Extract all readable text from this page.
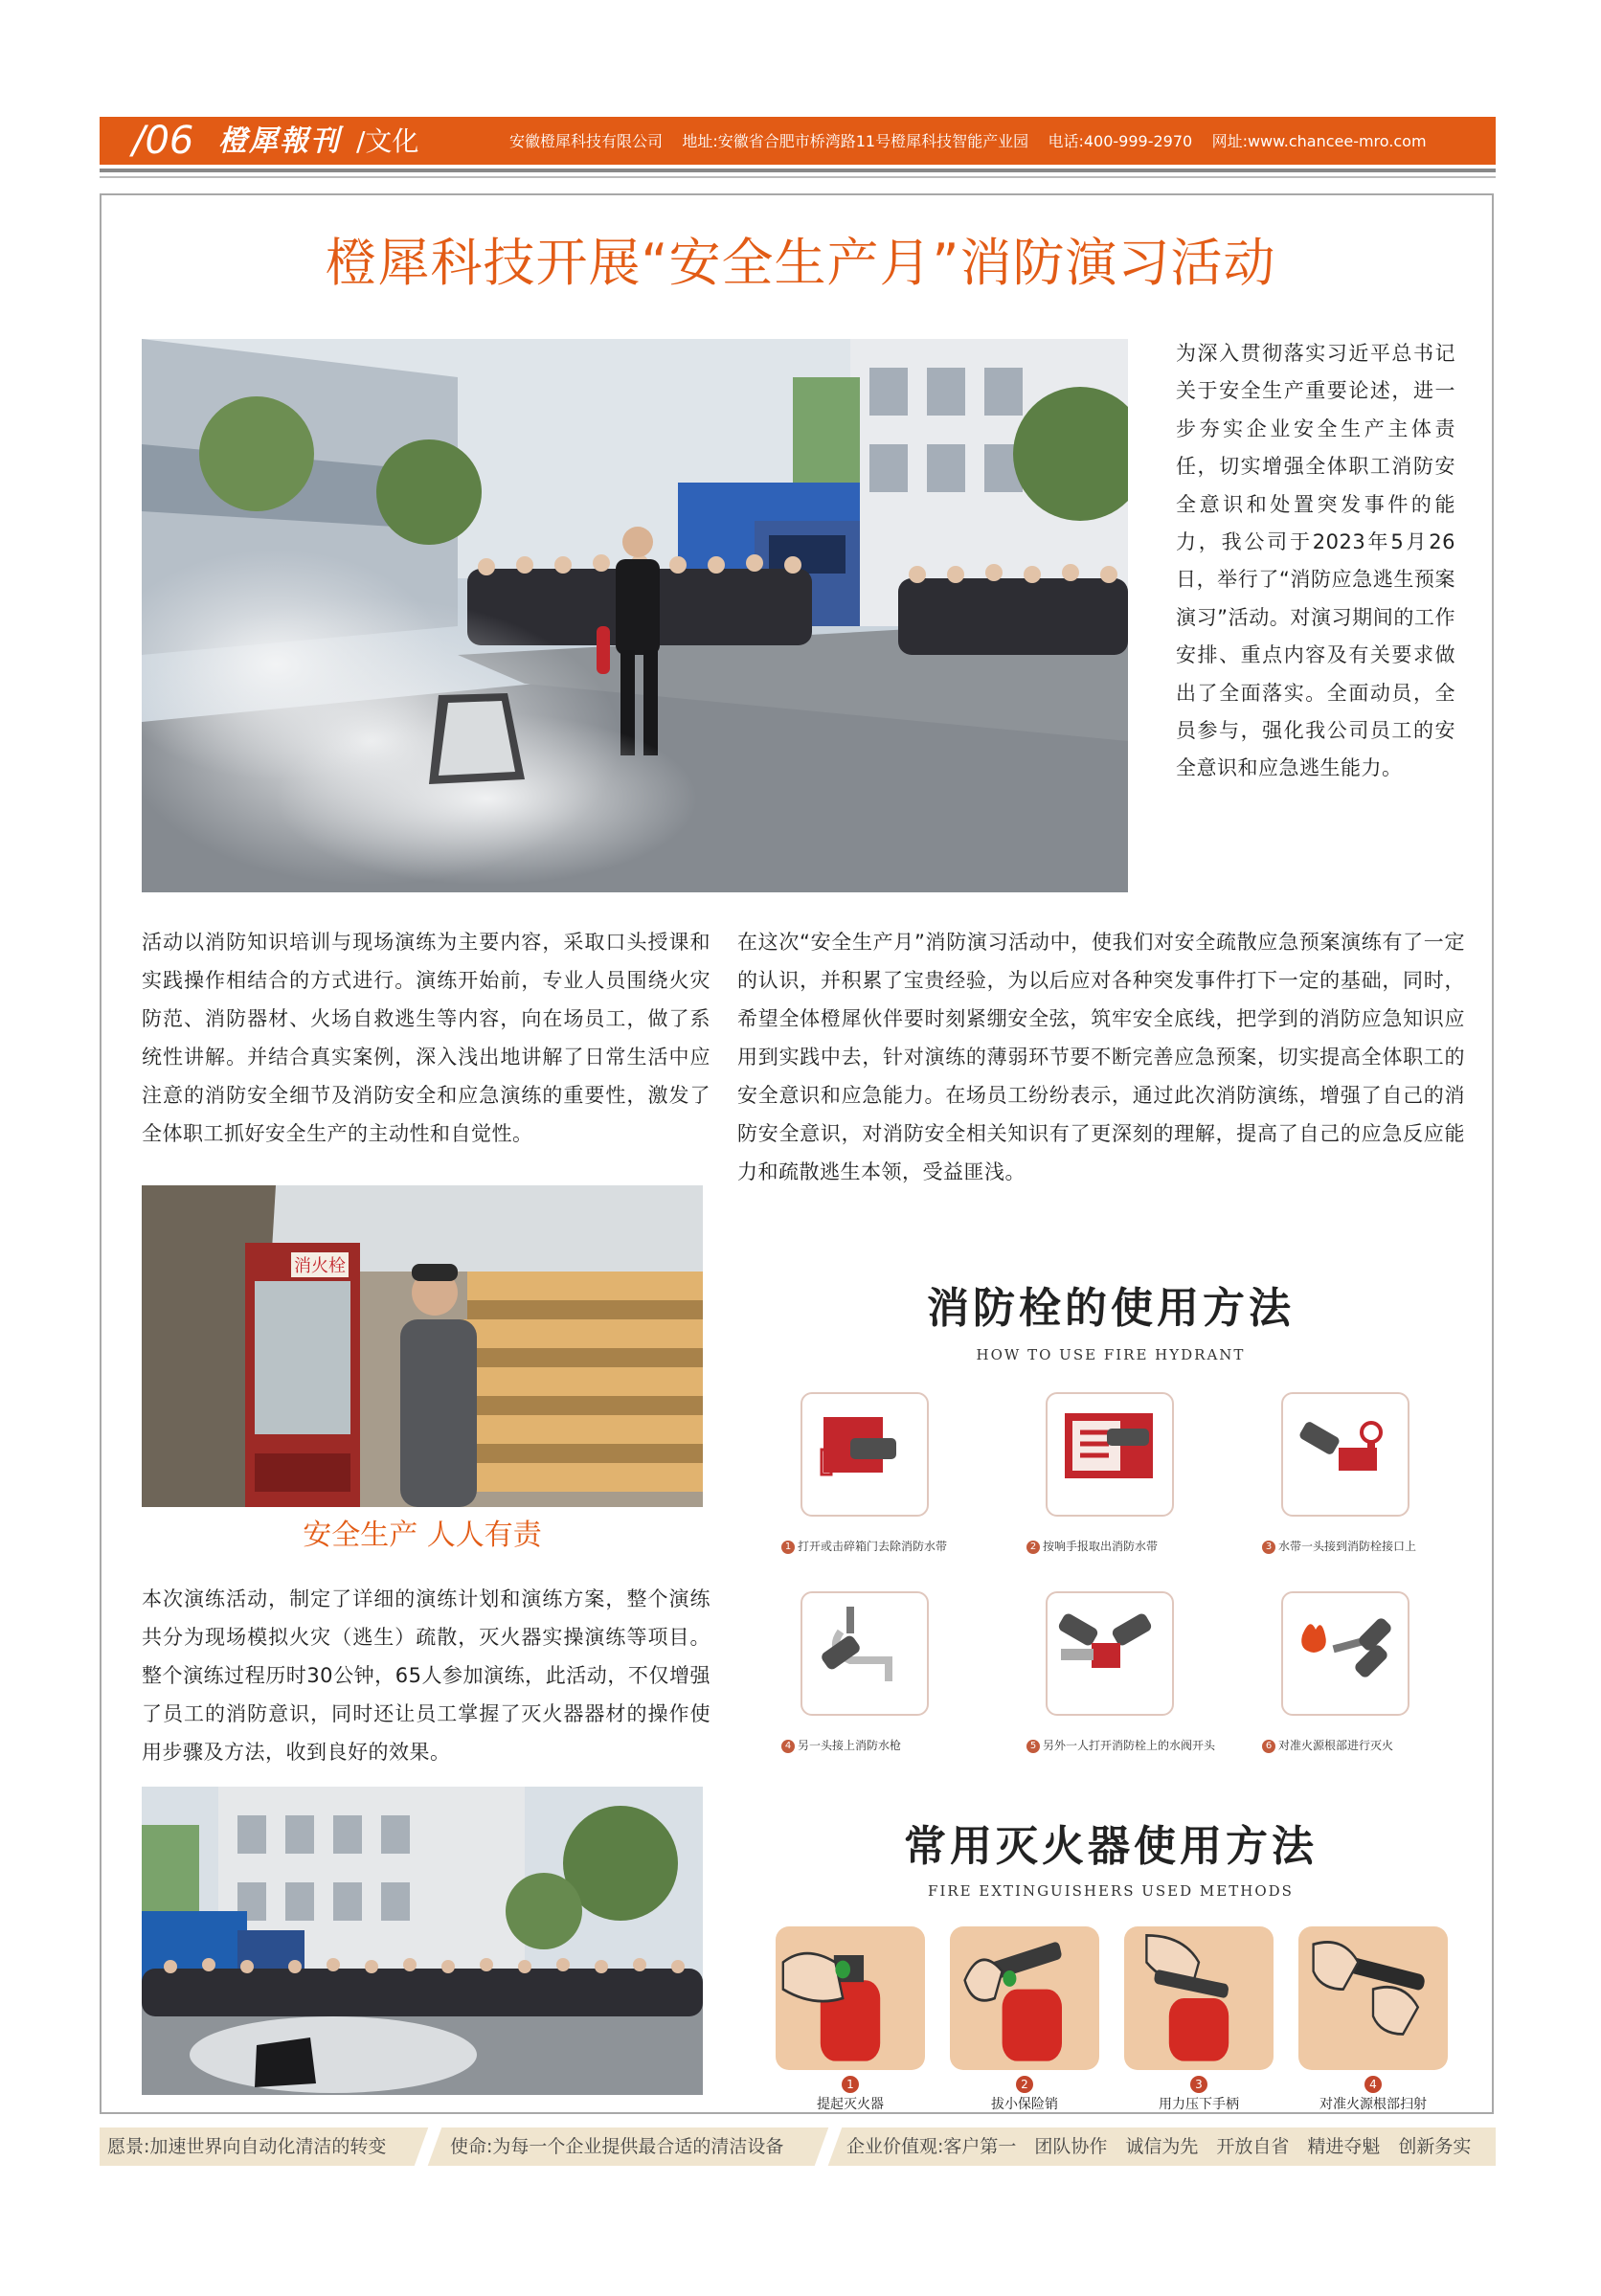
/06 橙犀報刊 /文化	安徽橙犀科技有限公司 地址:安徽省合肥市桥湾路11号橙犀科技智能产业园 电话:400-999-2970 网址:www.chancee-mro.com
橙犀科技开展“安全生产月”消防演习活动
为深入贯彻落实习近平总书记关于安全生产重要论述，进一步夯实企业安全生产主体责任，切实增强全体职工消防安全意识和处置突发事件的能力，我公司于2023年5月26日，举行了“消防应急逃生预案演习”活动。对演习期间的工作安排、重点内容及有关要求做出了全面落实。全面动员，全员参与，强化我公司员工的安全意识和应急逃生能力。
活动以消防知识培训与现场演练为主要内容，采取口头授课和实践操作相结合的方式进行。演练开始前，专业人员围绕火灾防范、消防器材、火场自救逃生等内容，向在场员工，做了系统性讲解。并结合真实案例，深入浅出地讲解了日常生活中应注意的消防安全细节及消防安全和应急演练的重要性，激发了全体职工抓好安全生产的主动性和自觉性。
在这次“安全生产月”消防演习活动中，使我们对安全疏散应急预案演练有了一定的认识，并积累了宝贵经验，为以后应对各种突发事件打下一定的基础，同时，希望全体橙犀伙伴要时刻紧绷安全弦，筑牢安全底线，把学到的消防应急知识应用到实践中去，针对演练的薄弱环节要不断完善应急预案，切实提高全体职工的安全意识和应急能力。在场员工纷纷表示，通过此次消防演练，增强了自己的消防安全意识，对消防安全相关知识有了更深刻的理解，提高了自己的应急反应能力和疏散逃生本领，受益匪浅。
消火栓
安全生产 人人有责
本次演练活动，制定了详细的演练计划和演练方案，整个演练共分为现场模拟火灾（逃生）疏散，灭火器实操演练等项目。整个演练过程历时30公钟，65人参加演练，此活动，不仅增强了员工的消防意识，同时还让员工掌握了灭火器器材的操作使用步骤及方法，收到良好的效果。
消防栓的使用方法
HOW TO USE FIRE HYDRANT
1 打开或击碎箱门去除消防水带	2 按响手报取出消防水带	3 水带一头接到消防栓接口上
4 另一头接上消防水枪	5 另外一人打开消防栓上的水阀开头	6 对准火源根部进行灭火
常用灭火器使用方法
FIRE EXTINGUISHERS USED METHODS
1
提起灭火器
2
拔小保险销
3
用力压下手柄
4
对准火源根部扫射
愿景:加速世界向自动化清洁的转变	使命:为每一个企业提供最合适的清洁设备	企业价值观:客户第一　团队协作　诚信为先　开放自省　精进夺魁　创新务实
